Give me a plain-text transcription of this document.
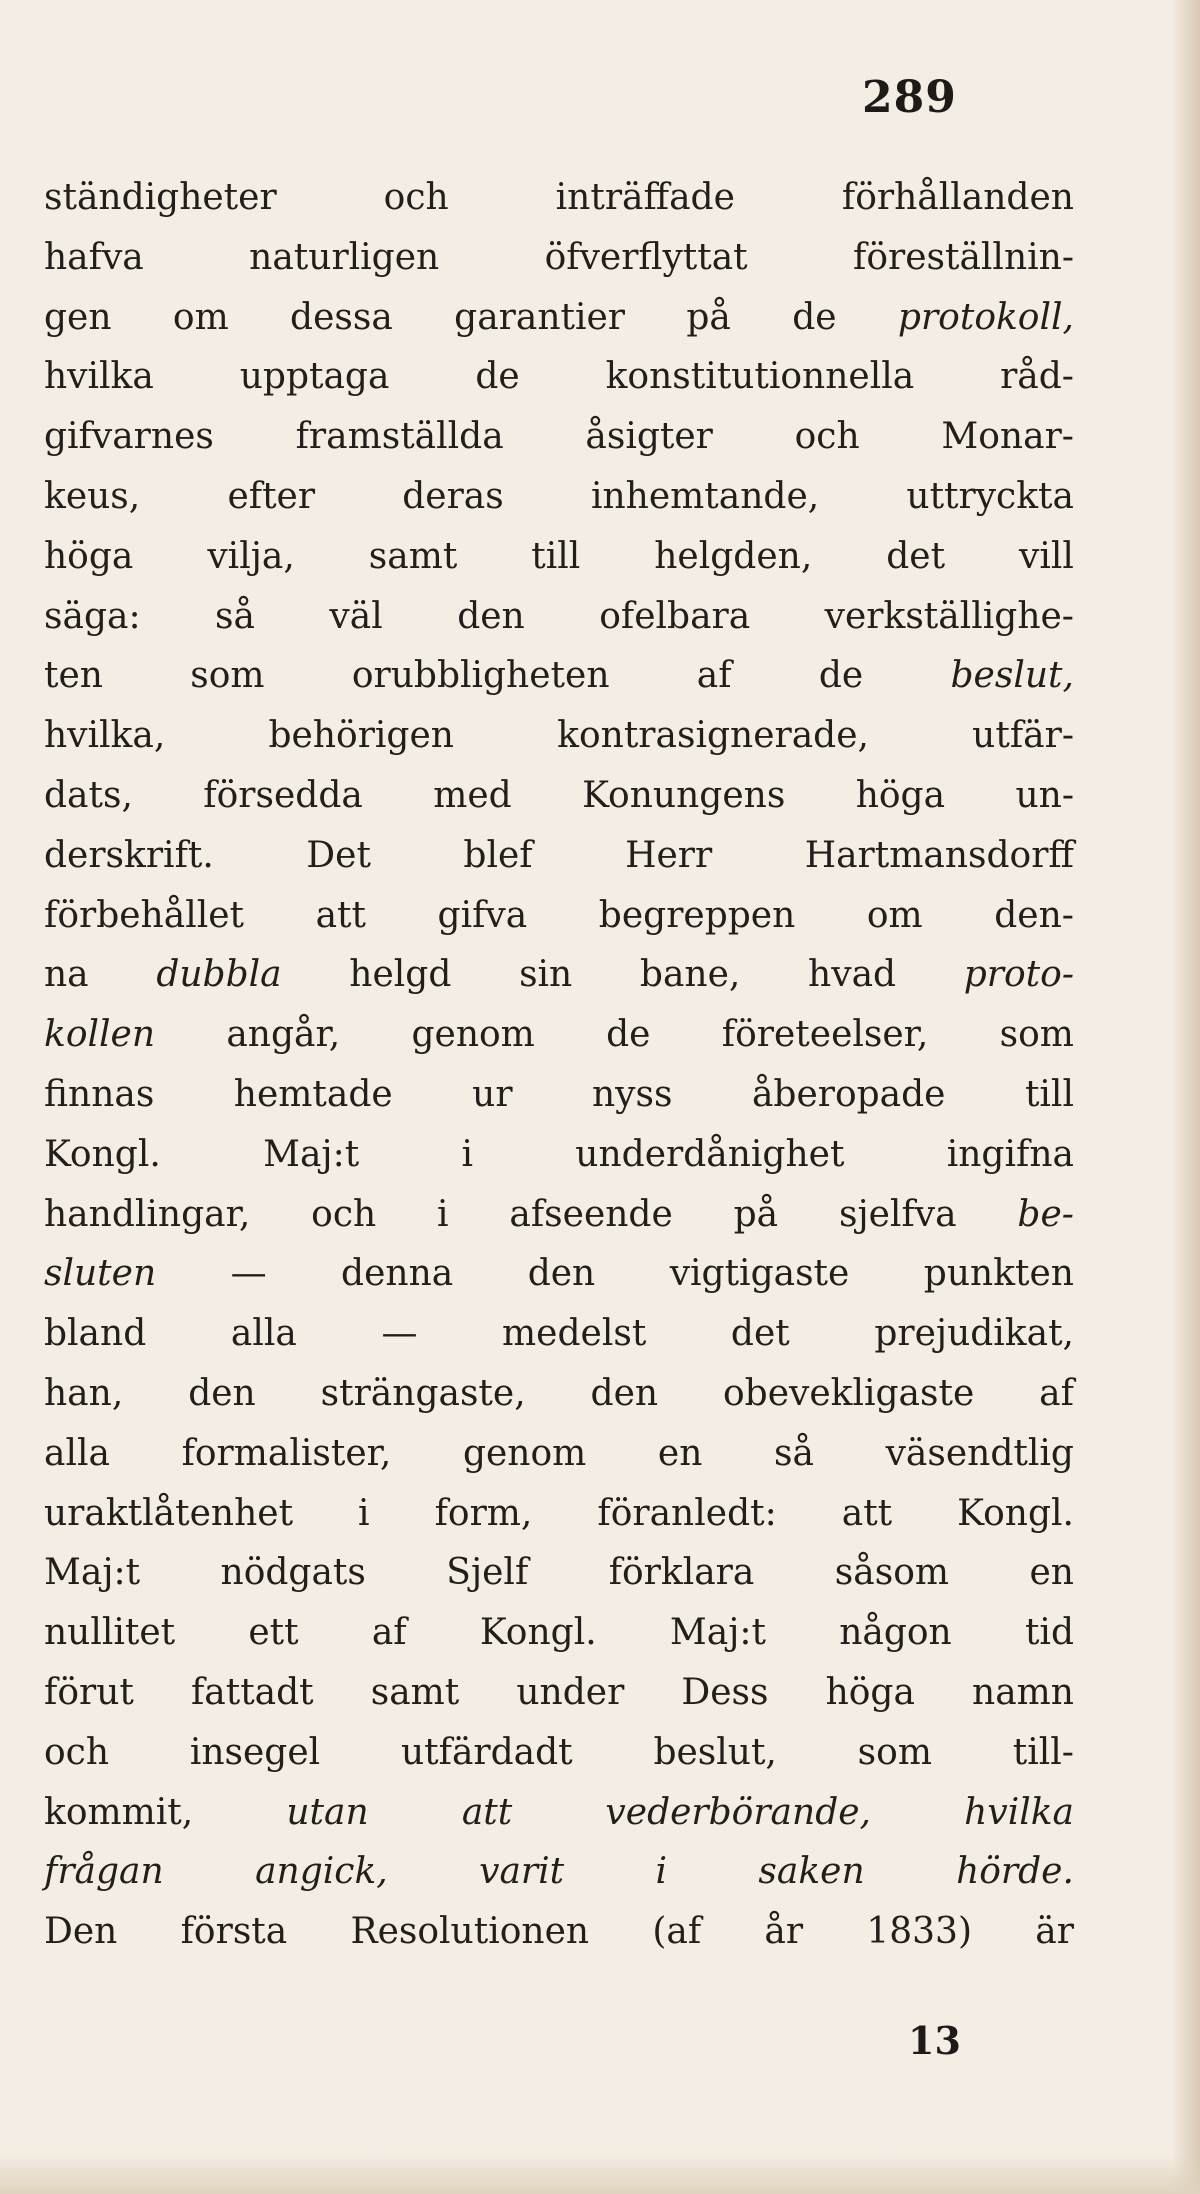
289
ständigheter	och	inträffade	förhållanden
hafva	naturligen	öfverflyttat	föreställnin-
gen om dessa garantier på de protokoll,
hvilka upptaga de konstitutionnella råd-
gifvarnes framställda åsigter och Monar-
keus, efter deras inhemtande, uttryckta
höga vilja, samt till helgden, det vill
säga: så väl den ofelbara verkställighe-
ten som orubbligheten af de beslut,
hvilka,	behörigen	kontrasignerade,	utfär-
dats, försedda med Konungens höga un-
derskrift.	Det	blef	Herr	Hartmansdorff
förbehållet att gifva begreppen om den-
na dubbla helgd sin bane, hvad proto-
kollen angår, genom de företeelser, som
finnas hemtade ur nyss åberopade till
Kongl.	Maj:t	i	underdånighet	ingifna
handlingar, och i afseende på sjelfva be-
sluten — denna den vigtigaste punkten
bland alla — medelst det prejudikat,
han, den strängaste, den obevekligaste af
alla formalister, genom en så väsendtlig
uraktlåtenhet i form, föranledt: att Kongl.
Maj:t nödgats Sjelf förklara såsom en
nullitet ett af Kongl. Maj:t någon tid
förut fattadt samt under Dess höga namn
och insegel utfärdadt beslut, som till-
kommit,	utan	att	vederbörande,	hvilka
frågan	angick,	varit	i	saken	hörde.
Den första Resolutionen (af år 1833) är
13
